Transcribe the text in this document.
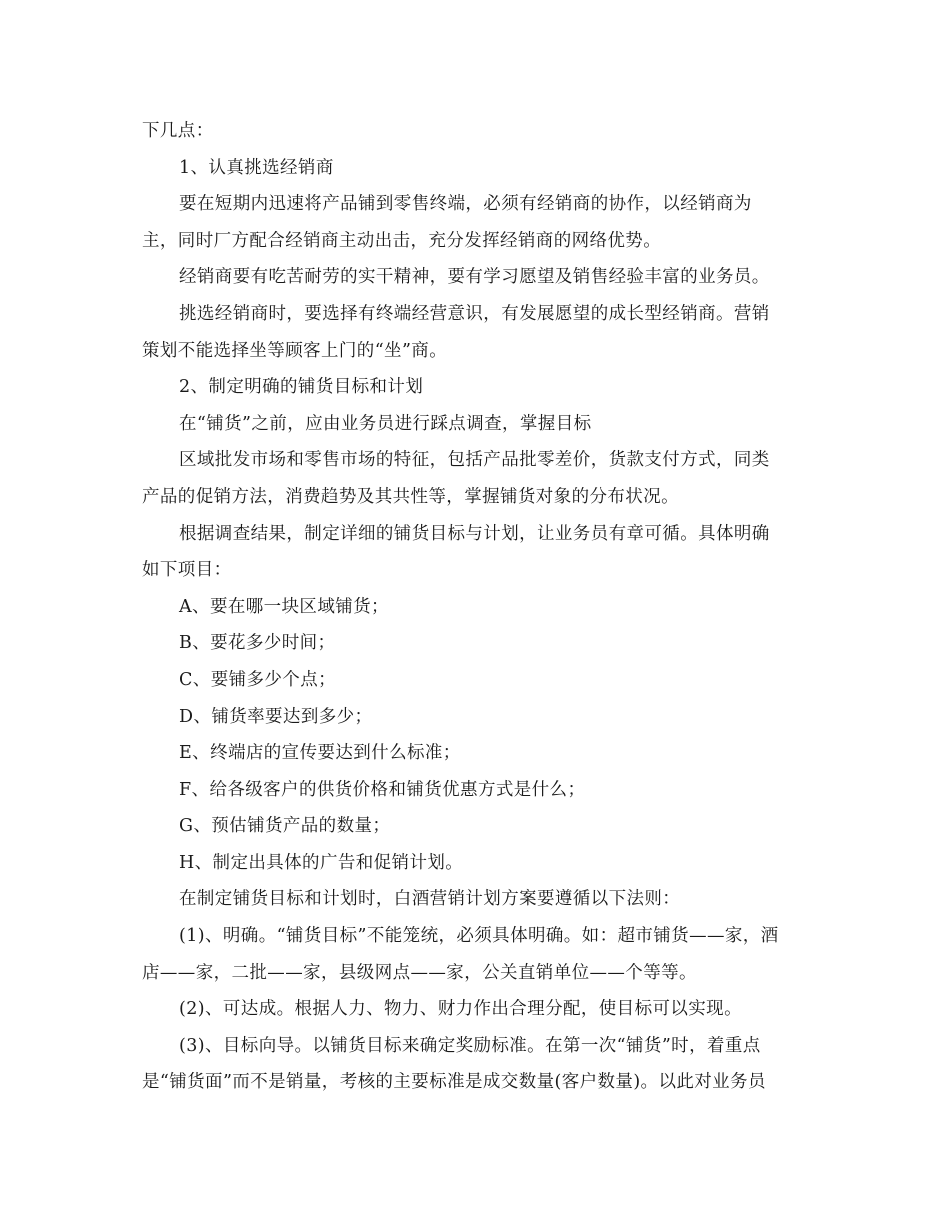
下几点：

1、认真挑选经销商

要在短期内迅速将产品铺到零售终端，必须有经销商的协作，以经销商为

主，同时厂方配合经销商主动出击，充分发挥经销商的网络优势。

经销商要有吃苦耐劳的实干精神，要有学习愿望及销售经验丰富的业务员。

挑选经销商时，要选择有终端经营意识，有发展愿望的成长型经销商。营销

策划不能选择坐等顾客上门的“坐”商。

2、制定明确的铺货目标和计划

在“铺货”之前，应由业务员进行踩点调查，掌握目标

区域批发市场和零售市场的特征，包括产品批零差价，货款支付方式，同类

产品的促销方法，消费趋势及其共性等，掌握铺货对象的分布状况。

根据调查结果，制定详细的铺货目标与计划，让业务员有章可循。具体明确

如下项目：

A、要在哪一块区域铺货；

B、要花多少时间；

C、要铺多少个点；

D、铺货率要达到多少；

E、终端店的宣传要达到什么标准；

F、给各级客户的供货价格和铺货优惠方式是什么；

G、预估铺货产品的数量；

H、制定出具体的广告和促销计划。

在制定铺货目标和计划时，白酒营销计划方案要遵循以下法则：

(1)、明确。“铺货目标”不能笼统，必须具体明确。如：超市铺货——家，酒

店——家，二批——家，县级网点——家，公关直销单位——个等等。

(2)、可达成。根据人力、物力、财力作出合理分配，使目标可以实现。

(3)、目标向导。以铺货目标来确定奖励标准。在第一次“铺货”时，着重点

是“铺货面”而不是销量，考核的主要标准是成交数量(客户数量)。以此对业务员
